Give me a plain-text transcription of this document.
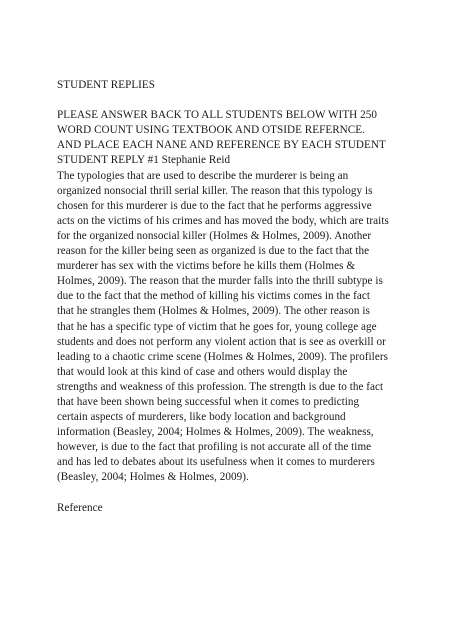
STUDENT REPLIES

PLEASE ANSWER BACK TO ALL STUDENTS BELOW WITH 250 WORD COUNT USING TEXTBOOK AND OTSIDE REFERNCE. AND PLACE EACH NANE AND REFERENCE BY EACH STUDENT

STUDENT REPLY #1 Stephanie Reid

The typologies that are used to describe the murderer is being an organized nonsocial thrill serial killer. The reason that this typology is chosen for this murderer is due to the fact that he performs aggressive acts on the victims of his crimes and has moved the body, which are traits for the organized nonsocial killer (Holmes & Holmes, 2009). Another reason for the killer being seen as organized is due to the fact that the murderer has sex with the victims before he kills them (Holmes & Holmes, 2009). The reason that the murder falls into the thrill subtype is due to the fact that the method of killing his victims comes in the fact that he strangles them (Holmes & Holmes, 2009). The other reason is that he has a specific type of victim that he goes for, young college age students and does not perform any violent action that is see as overkill or leading to a chaotic crime scene (Holmes & Holmes, 2009). The profilers that would look at this kind of case and others would display the strengths and weakness of this profession. The strength is due to the fact that have been shown being successful when it comes to predicting certain aspects of murderers, like body location and background information (Beasley, 2004; Holmes & Holmes, 2009). The weakness, however, is due to the fact that profiling is not accurate all of the time and has led to debates about its usefulness when it comes to murderers (Beasley, 2004; Holmes & Holmes, 2009).

Reference
